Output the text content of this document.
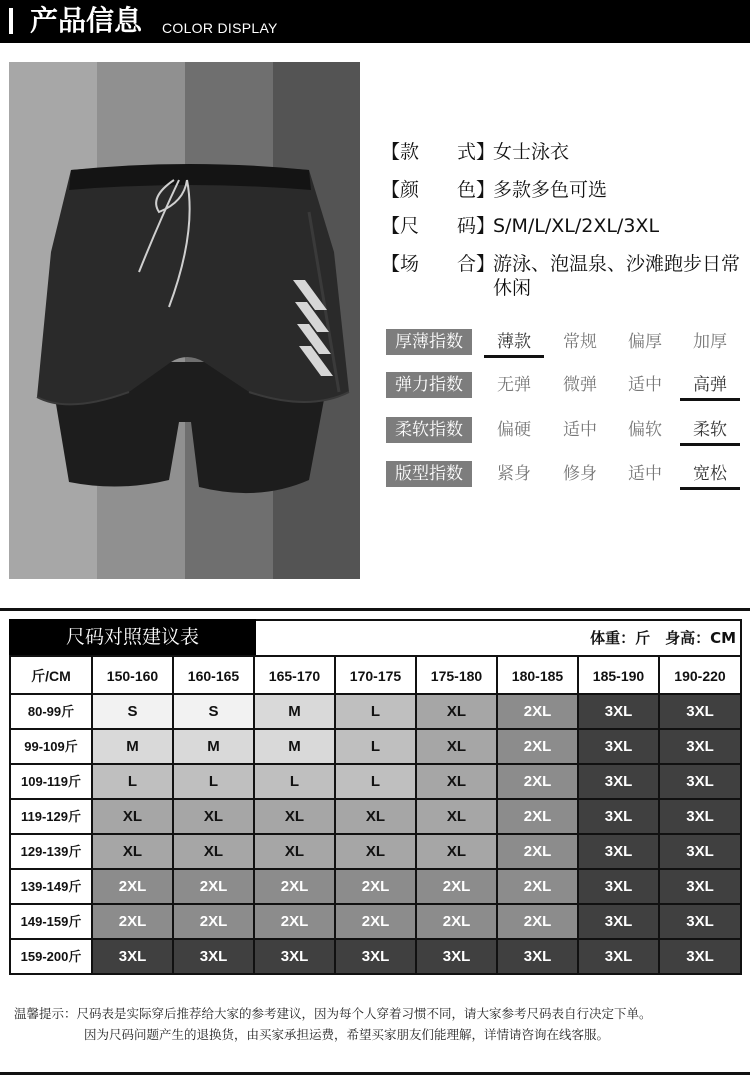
产品信息 COLOR DISPLAY
【款　　式】
女士泳衣
【颜　　色】
多款多色可选
【尺　　码】
S/M/L/XL/2XL/3XL
【场　　合】
游泳、泡温泉、沙滩跑步日常休闲
厚薄指数	薄款	常规	偏厚	加厚
弹力指数	无弹	微弹	适中	高弹
柔软指数	偏硬	适中	偏软	柔软
版型指数	紧身	修身	适中	宽松
尺码对照建议表	体重：斤　身高：CM
斤/CM	150-160	160-165	165-170	170-175	175-180	180-185	185-190	190-220
80-99斤	S	S	M	L	XL	2XL	3XL	3XL
99-109斤	M	M	M	L	XL	2XL	3XL	3XL
109-119斤	L	L	L	L	XL	2XL	3XL	3XL
119-129斤	XL	XL	XL	XL	XL	2XL	3XL	3XL
129-139斤	XL	XL	XL	XL	XL	2XL	3XL	3XL
139-149斤	2XL	2XL	2XL	2XL	2XL	2XL	3XL	3XL
149-159斤	2XL	2XL	2XL	2XL	2XL	2XL	3XL	3XL
159-200斤	3XL	3XL	3XL	3XL	3XL	3XL	3XL	3XL
温馨提示：尺码表是实际穿后推荐给大家的参考建议，因为每个人穿着习惯不同，请大家参考尺码表自行决定下单。
因为尺码问题产生的退换货，由买家承担运费，希望买家朋友们能理解，详情请咨询在线客服。
